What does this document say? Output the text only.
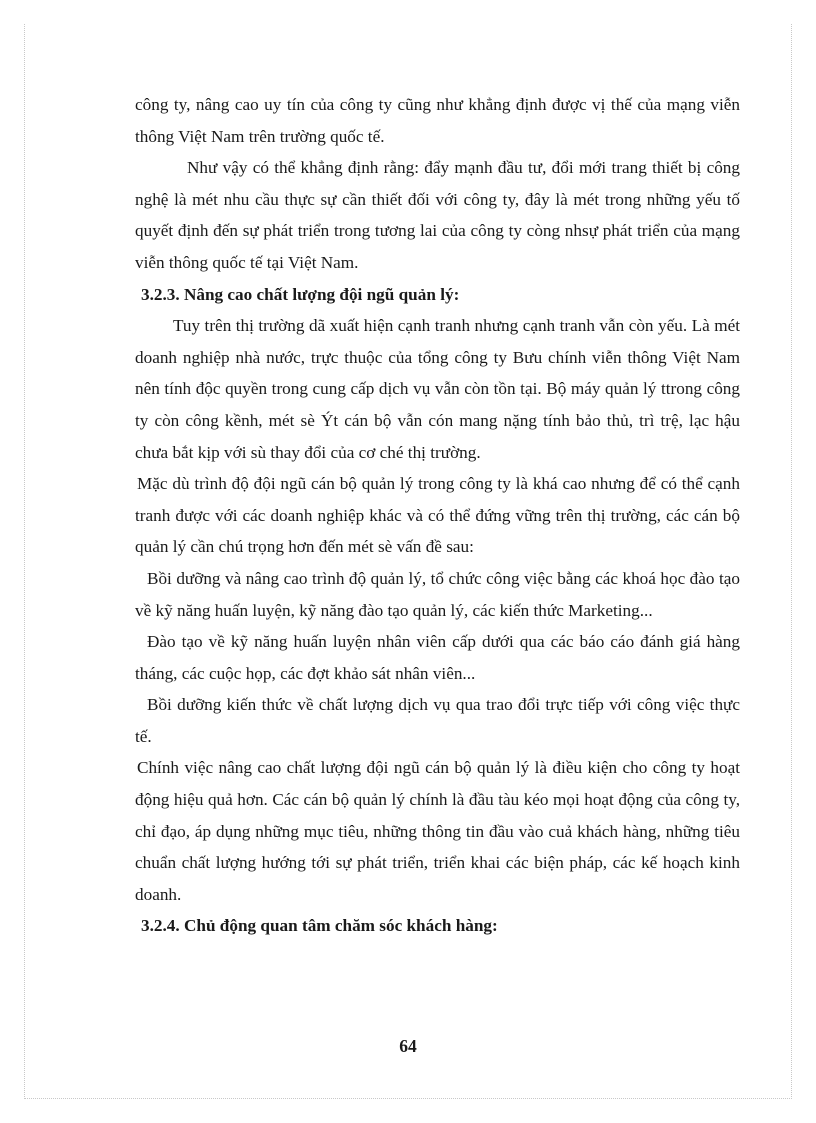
công ty, nâng cao uy tín của công ty cũng như khẳng định được vị thế của mạng viễn thông Việt Nam trên trường quốc tế.

Như vậy có thể khẳng định rằng: đẩy mạnh đầu tư, đổi mới trang thiết bị công nghệ là mét nhu cầu thực sự cần thiết đối với công ty, đây là mét trong những yếu tố quyết định đến sự phát triển trong tương lai của công ty còng nhsự phát triển của mạng viễn thông quốc tế tại Việt Nam.

3.2.3. Nâng cao chất lượng đội ngũ quản lý:

Tuy trên thị trường dã xuất hiện cạnh tranh nhưng cạnh tranh vẫn còn yếu. Là mét doanh nghiệp nhà nước, trực thuộc của tổng công ty Bưu chính viễn thông Việt Nam nên tính độc quyền trong cung cấp dịch vụ vẫn còn tồn tại. Bộ máy quản lý ttrong công ty còn công kềnh, mét sè Ýt cán bộ vẫn cón mang nặng tính bảo thủ, trì trệ, lạc hậu chưa bắt kịp với sù thay đổi của cơ ché thị trường.

Mặc dù trình độ đội ngũ cán bộ quản lý trong công ty là khá cao nhưng để có thể cạnh tranh được với các doanh nghiệp khác và có thể đứng vững trên thị trường, các cán bộ quản lý cần chú trọng hơn đến mét sè vấn đề sau:

Bồi dưỡng và nâng cao trình độ quản lý, tổ chức công việc bằng các khoá học đào tạo về kỹ năng huấn luyện, kỹ năng đào tạo quản lý, các kiến thức Marketing...

Đào tạo về kỹ năng huấn luyện nhân viên cấp dưới qua các báo cáo đánh giá hàng tháng, các cuộc họp, các đợt khảo sát nhân viên...

Bồi dưỡng kiến thức về chất lượng dịch vụ qua trao đổi trực tiếp với công việc thực tế.

Chính việc nâng cao chất lượng đội ngũ cán bộ quản lý là điều kiện cho công ty hoạt động hiệu quả hơn. Các cán bộ quản lý chính là đầu tàu kéo mọi hoạt động của công ty, chỉ đạo, áp dụng những mục tiêu, những thông tin đầu vào cuả khách hàng, những tiêu chuẩn chất lượng hướng tới sự phát triển, triển khai các biện pháp, các kế hoạch kinh doanh.

3.2.4. Chủ động quan tâm chăm sóc khách hàng:

64
